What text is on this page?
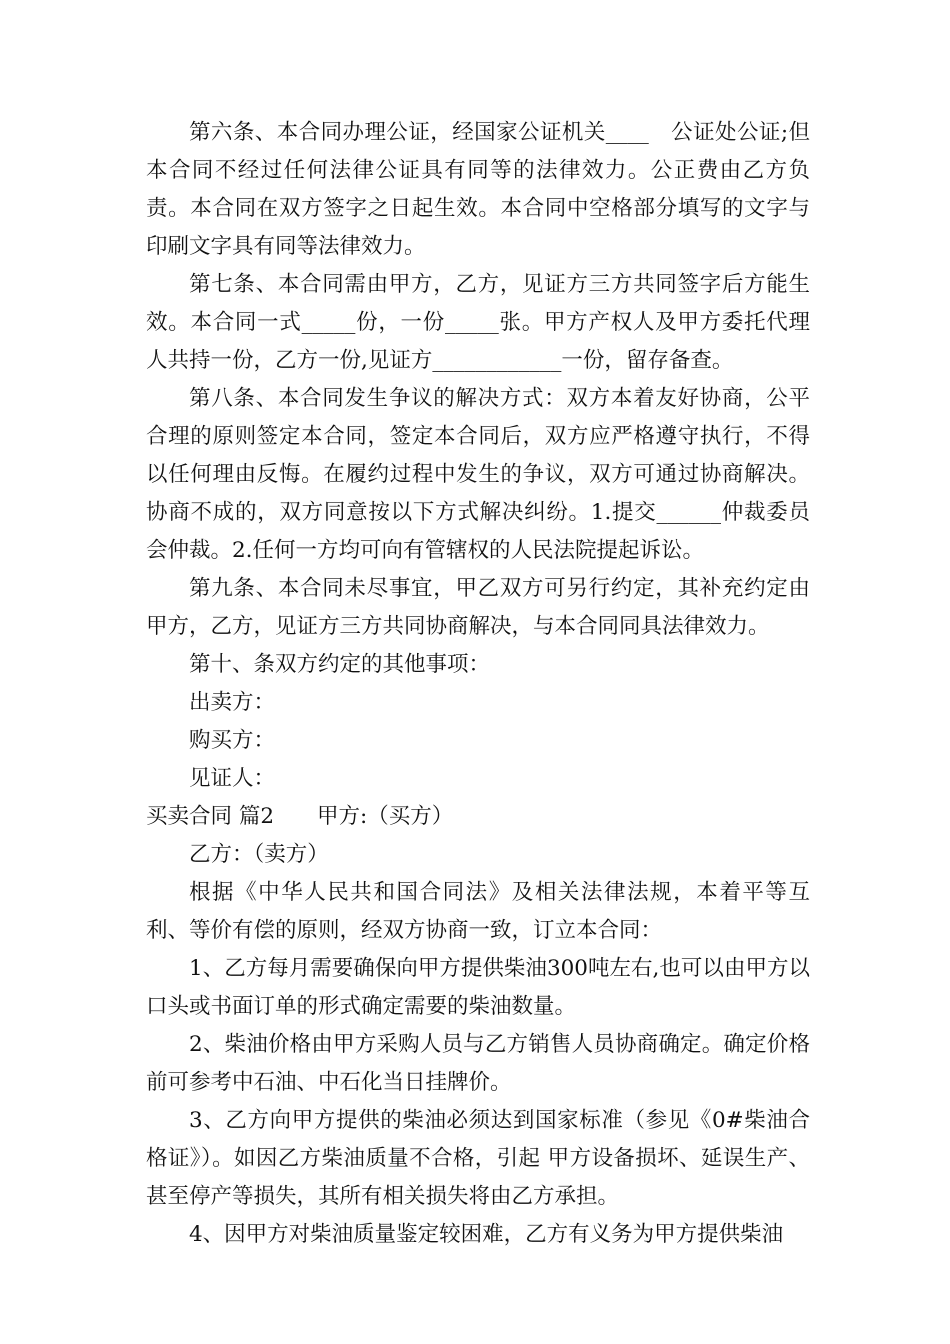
第六条、本合同办理公证，经国家公证机关____　公证处公证;但本合同不经过任何法律公证具有同等的法律效力。公正费由乙方负责。本合同在双方签字之日起生效。本合同中空格部分填写的文字与印刷文字具有同等法律效力。

第七条、本合同需由甲方，乙方，见证方三方共同签字后方能生效。本合同一式_____份，一份_____张。甲方产权人及甲方委托代理人共持一份，乙方一份,见证方____________一份，留存备查。

第八条、本合同发生争议的解决方式：双方本着友好协商，公平合理的原则签定本合同，签定本合同后，双方应严格遵守执行，不得以任何理由反悔。在履约过程中发生的争议，双方可通过协商解决。协商不成的，双方同意按以下方式解决纠纷。1.提交______仲裁委员会仲裁。2.任何一方均可向有管辖权的人民法院提起诉讼。

第九条、本合同未尽事宜，甲乙双方可另行约定，其补充约定由甲方，乙方，见证方三方共同协商解决，与本合同同具法律效力。

第十、条双方约定的其他事项：

出卖方：

购买方：

见证人：

买卖合同 篇2　　甲方:（买方）

乙方：（卖方）

根据《中华人民共和国合同法》及相关法律法规，本着平等互利、等价有偿的原则，经双方协商一致，订立本合同：

1、乙方每月需要确保向甲方提供柴油300吨左右,也可以由甲方以口头或书面订单的形式确定需要的柴油数量。

2、柴油价格由甲方采购人员与乙方销售人员协商确定。确定价格前可参考中石油、中石化当日挂牌价。

3、乙方向甲方提供的柴油必须达到国家标准（参见《0#柴油合格证》）。如因乙方柴油质量不合格，引起 甲方设备损坏、延误生产、甚至停产等损失，其所有相关损失将由乙方承担。

4、因甲方对柴油质量鉴定较困难，乙方有义务为甲方提供柴油
